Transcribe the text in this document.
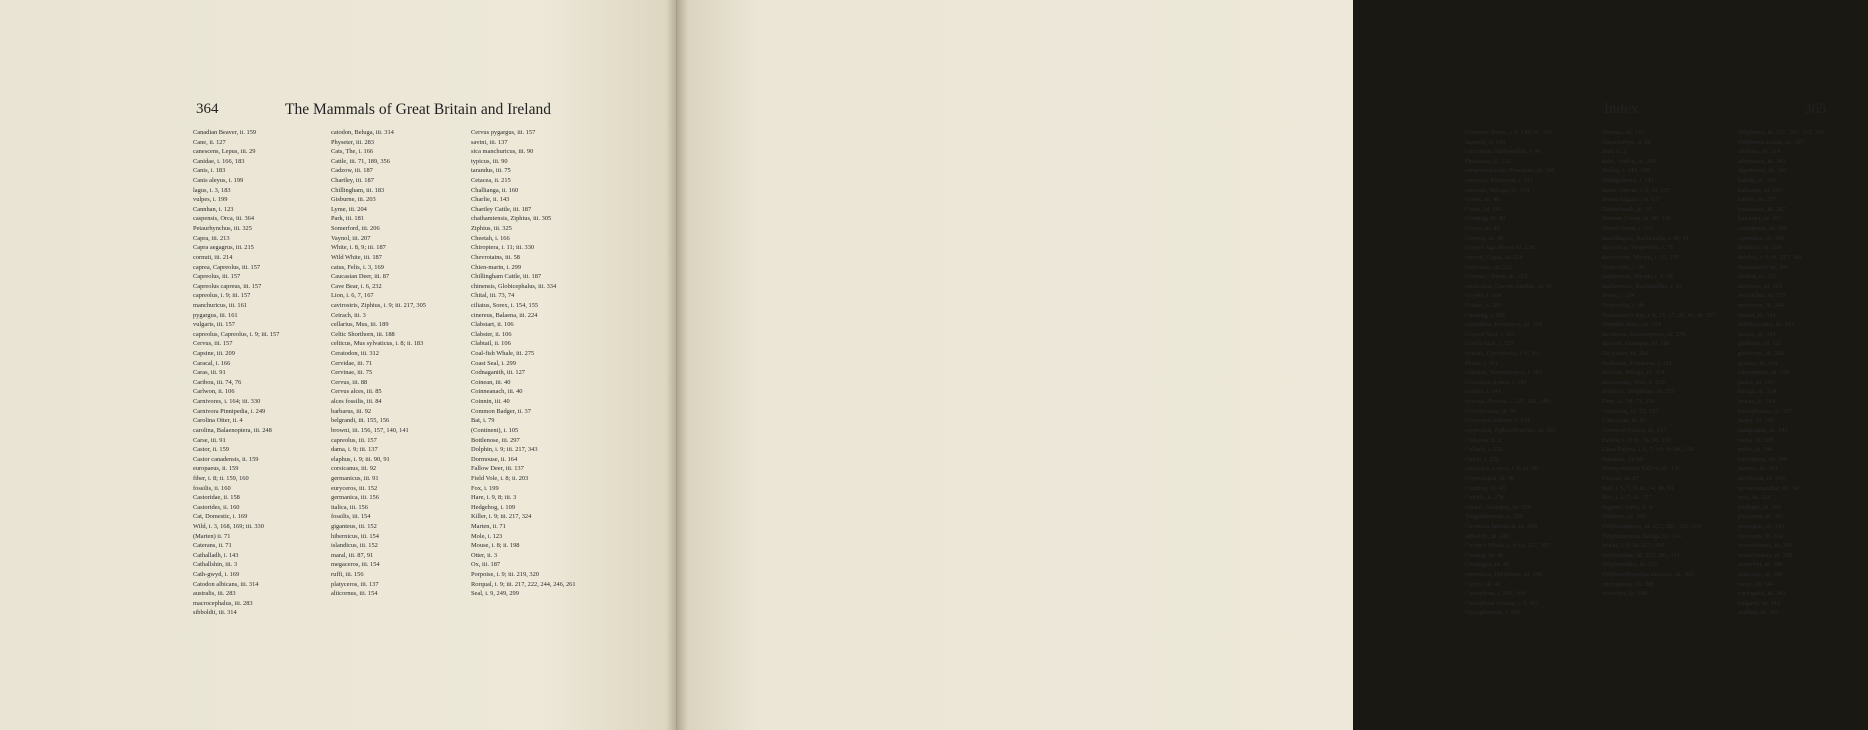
364	The Mammals of Great Britain and Ireland
Canadian Beaver, ii. 159
Cane, ii. 127
canescens, Lepus, iii. 29
Canidae, i. 166, 183
Canis, i. 183
Canis aleyus, i. 199
lagus, i. 3, 183
vulpes, i. 199
Cannhan, i. 123
caspensis, Orca, iii. 364
Petaurhynchus, iii. 325
Capra, iii. 213
Capra aegagrus, iii. 215
cornuti, iii. 214
caprea, Capreolus, iii. 157
Capreolus, iii. 157
Capreolus capreus, iii. 157
capreolus, i. 9; iii. 157
manchuricus, iii. 161
pygargus, iii. 161
vulgaris, iii. 157
capreolus, Capreolus, i. 9; iii. 157
Cervus, iii. 157
Capsine, iii. 209
Caracal, i. 166
Caras, iii. 91
Caribou, iii. 74, 76
Carlwon, ii. 106
Carnivores, i. 164; iii. 330
Carnivora Pinnipedia, i. 249
Carolina Otter, ii. 4
carolina, Balaenoptera, iii. 248
Carse, iii. 91
Castor, ii. 159
Castor canadensis, ii. 159
europaeus, ii. 159
fiber, i. 8; ii. 159, 160
fossilis, ii. 160
Castoridae, ii. 158
Castorides, ii. 160
Cat, Domestic, i. 169
Wild, i. 3, 168, 169; iii. 330
(Marten) ii. 71
Caterans, ii. 71
Cathalladh, i. 143
Cathallshin, iii. 3
Cath-gwyd, i. 169
Catodon albicans, iii. 314
australis, iii. 283
macrocephalus, iii. 283
sibboldii, iii. 314
catodon, Beluga, iii. 314
Physeter, iii. 283
Cats, The, i. 166
Cattle, iii. 71, 189, 356
Cadzow, iii. 187
Chartley, iii. 187
Chillingham, iii. 183
Gisburne, iii. 203
Lyme, iii. 204
Park, iii. 181
Somerford, iii. 206
Vaynol, iii. 207
White, i. 8, 9; iii. 187
Wild White, iii. 187
catus, Felis, i. 3, 169
Caucasian Deer, iii. 87
Cave Bear, i. 6, 232
Lion, i. 6, 7, 167
cavirostris, Ziphius, i. 9; iii. 217, 305
Ceirach, iii. 3
cellarius, Mus, iii. 189
Celtic Shorthorn, iii. 188
celticus, Mus sylvaticus, i. 8; ii. 183
Ceratodon, iii. 312
Cervidae, iii. 71
Cervinae, iii. 75
Cervus, iii. 88
Cervus alces, iii. 85
alces fossilis, iii. 84
barbarus, iii. 92
belgrandi, iii. 155, 156
browni, iii. 156, 157, 140, 141
capreolus, iii. 157
dama, i. 9; iii. 137
elaphus, i. 9; iii. 90, 91
corsicanus, iii. 92
germanicus, iii. 91
euryceros, iii. 152
germanica, iii. 156
italica, iii. 156
fossilis, iii. 154
giganteus, iii. 152
hibernicus, iii. 154
islandicus, iii. 152
maral, iii. 87, 91
megaceros, iii. 154
ruffi, iii. 156
platyceros, iii. 137
alticornus, iii. 154
Cervus pygargus, iii. 157
savini, iii. 137
sica manchuricus, iii. 90
typicus, iii. 90
tarandus, iii. 75
Cetacea, ii. 215
Challianga, ii. 160
Charlie, ii. 143
Chartley Cattle, iii. 187
chathamiensis, Ziphius, iii. 305
Ziphius, iii. 325
Cheetah, i. 166
Chiroptera, i. 11; iii. 330
Chevrotains, iii. 58
Chien-marin, i. 299
Chillingham Cattle, iii. 187
chinensis, Globicephalus, iii. 334
Chital, iii. 73, 74
ciliatus, Sorex, i. 154, 155
cinereus, Balaena, iii. 224
Clabstart, ii. 106
Clabster, ii. 106
Clabtail, ii. 106
Coal-fish Whale, iii. 275
Coast Seal, i. 299
Codnaganith, iii. 127
Coinean, iii. 40
Coinneanach, iii. 40
Coinnin, iii. 40
Common Badger, ii. 37
Bat, i. 79
(Continent), i. 105
Bottlenose, iii. 297
Dolphin, i. 9; iii. 217, 343
Dormouse, ii. 164
Fallow Deer, iii. 137
Field Vole, i. 8; ii. 203
Fox, i. 199
Hare, i. 9, 8; iii. 3
Hedgehog, i. 109
Killer, i. 9; iii. 217, 324
Marten, ii. 71
Mole, i. 123
Mouse, i. 8; ii. 198
Otter, ii. 3
Ox, iii. 187
Porpoise, i. 9; iii. 219, 320
Rorqual, i. 9; iii. 217, 222, 244, 246, 261
Seal, i. 9, 249, 299
Index	365
Common Shrew, i. 8, 141; iii. 330
Squirrel, ii. 149
communis, Barbastellus, i. 41
Phocaena, iii. 320
compressicauda, Phocaena, iii. 346
concolor, Erinaceus, i. 111
concreta, Beluga, iii. 314
Coney, iii. 40
Conin, iii. 143
Conning, iii. 40
Conye, iii. 40
Conyng, iii. 40
Copper Age Sheep, iii. 238
cornuti, Capra, iii. 214
Ovis aries, iii. 212
Cormac's Sheep, iii. 212
corsicanus, Cervus elaphus, iii. 91
Coyote, i. 184
Crabar, ii. 283
Cnalmig, i. 109
crassidens, Pseudorca, iii. 328
Crested Seal, i. 361
Crioch-luch, i. 123
cristata, Cystophora, i. 9, 361
Phoca, i. 361
cristatus, Stemmatopus, i. 361
Crocidura aranea, i. 141
russula, i. 141
crocuta, Hyaena, i. 125, 181, 180
Crocidurinae, iii. 91
Crossopus fodiens, i. 134
cryptodon, Ziphiorhynchus, iii. 305
Cudcoon, ii. 2
Cullach, i. 252
Cuirin, i. 252
cuniculus, Lepus, i. 8; iii. 40
Oryctolagus, iii. 40
Cunning, iii. 40
Cutrick, ii. 278
cuvieri, Grampus, iii. 334
Tragonthorium, ii. 259
Cuvierius latirostris, iii. 248
sibboldii, iii. 248
Cuvier's Whale, i. 9; iii. 217, 305
Cwning, iii. 40
Cwningen, iii. 40
cymodoce, Delphinus, iii. 346
Cyrchi, iii. 40
Cystophora, i. 249, 360
Cystophora cristata, i. 9, 361
Cystophorinae, i. 360
Dacmas, iii. 137
Daearforhyn, ii. 58
Daft, ii. 2
dalei, Andon, iii. 308
Dallag, i. 141, 149
Dallag-fhoair, i. 141
dama, Cervus, i. 9; iii. 137
Dama vulgaris, iii. 137
Damh-feadh, iii. 91
Damine Group, iii. 86, 136
Danish borin, i. 152
dasyllinguis, Barbastella, i. 40, 41
dasycurus, Vespertilio, i. 78
dasycneme, Myotis, i. 15, 105
Vespertilio, i. 98
daubentoni, Myotis, i. 8, 98
daubentonii, Barbastellus, i. 41
Sorex, i. 154
Vespertilio, i. 86
Daubenton's Bat, i. 8, 15, 17, 20, 86; iii. 357
Dauphin blanc, iii. 314
davidsoni, Balaenoptera, iii. 279
davisoii, Grampus, iii. 180
Da-fjaden, iii. 261
dealbatus, Erinaceus, i. 111
declivis, Beluga, iii. 314
decumanus, Mus, ii. 219
deductor, Delphinus, iii. 329
Deer, iii. 58, 71, 356
American, iii. 73, 157
Caucasian, iii. 87
Common Fallow, iii. 137
Fallow, i. 9; iii. 74, 90, 137
Giant Fallow, i. 6, 7, 10; iii. 84, 154
Japanese, iii. 90
Mesopotamian Fallow, iii. 136
Persian, iii. 87
Red, i. 6, 7, 9; iii. 74, 80, 91
Roe, i. 6, 7; iii. 157
degener, Lutra, ii. 4
Delfinen, iii. 343
Delphinapterus, iii. 217, 281, 312, 314
Delphinapterus beluga, iii. 314
leucas, i. 9; iii. 217, 314
Delphinidae, iii. 217, 281, 311
Delphinoidea, iii. 217
Delphinorhynchus australis, iii. 305
micropterus, iii. 308
sowerbyi, iii. 308
Delphinus, iii. 217, 281, 312, 343
Delphinus acutus, iii. 337
albicans, iii. 314
albimanus, iii. 343
algeriensis, iii. 343
bairdii, iii. 343
balteatus, iii. 343
bidens, iii. 297
bidentatus, iii. 297
butskopf, iii. 297
canadensis, iii. 314
cymodice, iii. 346
deductor, iii. 329
delphis, i. 9; iii. 217, 343
desmarestii, iii. 305
diodon, iii. 297
dubiosus, iii. 324
eschrichtii, iii. 337
euryrome, iii. 346
fosteri, iii. 343
fulvifasciatus, iii. 343
fuscus, iii. 343
gladiator, iii. 321
globiceps, iii. 329
griseus, iii. 334
intermedius, iii. 329
janira, iii. 343
klingii, iii. 324
leucas, iii. 314
leucopleurus, iii. 337
major, iii. 343
marginatus, iii. 343
moisi, iii. 329
melis, iii. 346
microptera, iii. 308
mauroi, iii. 343
norrhanus, iii. 343
novae-zelandiae, iii. 343
orca, iii. 324
philippii, iii. 305
phocaena, iii. 321
pomegras, iii. 343
ricossous, iii. 334
sowerbiensis, iii. 343
sowerbiensis, iii. 308
sowerbyi, iii. 308
truncatus, iii. 346
tursio, iii. 346
varlegatus, iii. 343
vulgaris, iii. 343
walkeri, iii. 343
